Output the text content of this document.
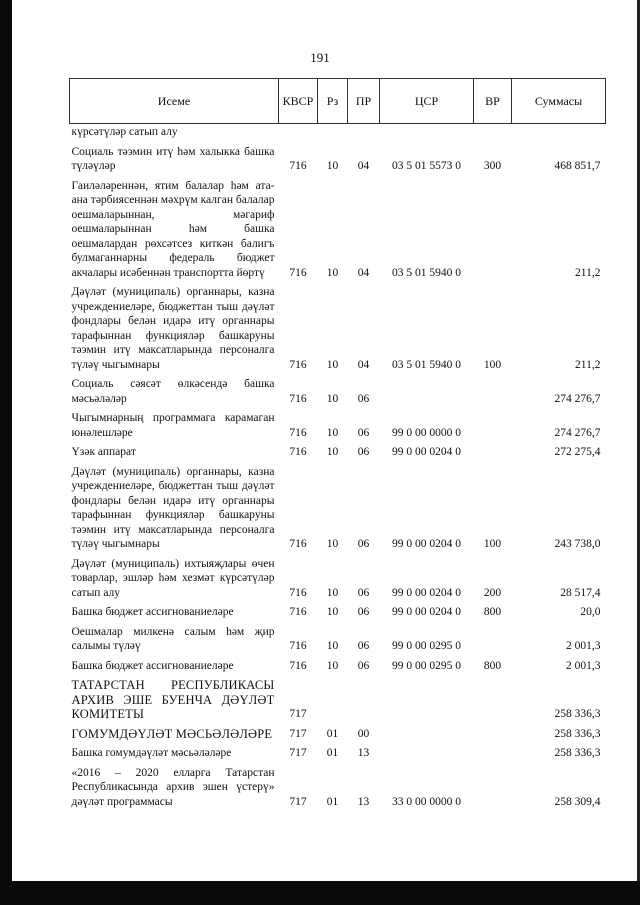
191
Исеме	КВСР	Рз	ПР	ЦСР	ВР	Суммасы
күрсәтүләр сатып алу						
Социаль тәэмин итү һәм халыкка башка түләүләр	716	10	04	03 5 01 5573 0	300	468 851,7
Гаиләләреннән, ятим балалар һәм ата-ана тәрбиясеннән мәхрүм калган балалар оешмаларыннан, мәгариф оешмаларыннан һәм башка оешмалардан рөхсәтсез киткән балигъ булмаганнарны федераль бюджет акчалары исәбеннән транспортта йөртү	716	10	04	03 5 01 5940 0		211,2
Дәүләт (муниципаль) органнары, казна учреждениеләре, бюджеттан тыш дәүләт фондлары белән идарә итү органнары тарафыннан функцияләр башкаруны тәэмин итү максатларында персоналга түләү чыгымнары	716	10	04	03 5 01 5940 0	100	211,2
Социаль сәясәт өлкәсендә башка мәсьәләләр	716	10	06			274 276,7
Чыгымнарның программага карамаган юнәлешләре	716	10	06	99 0 00 0000 0		274 276,7
Үзәк аппарат	716	10	06	99 0 00 0204 0		272 275,4
Дәүләт (муниципаль) органнары, казна учреждениеләре, бюджеттан тыш дәүләт фондлары белән идарә итү органнары тарафыннан функцияләр башкаруны тәэмин итү максатларында персоналга түләү чыгымнары	716	10	06	99 0 00 0204 0	100	243 738,0
Дәүләт (муниципаль) ихтыяҗлары өчен товарлар, эшләр һәм хезмәт күрсәтүләр сатып алу	716	10	06	99 0 00 0204 0	200	28 517,4
Башка бюджет ассигнованиеләре	716	10	06	99 0 00 0204 0	800	20,0
Оешмалар милкенә салым һәм җир салымы түләү	716	10	06	99 0 00 0295 0		2 001,3
Башка бюджет ассигнованиеләре	716	10	06	99 0 00 0295 0	800	2 001,3
ТАТАРСТАН РЕСПУБЛИКАСЫ АРХИВ ЭШЕ БУЕНЧА ДӘҮЛӘТ КОМИТЕТЫ	717					258 336,3
ГОМУМДӘҮЛӘТ МӘСЬӘЛӘЛӘРЕ	717	01	00			258 336,3
Башка гомумдәүләт мәсьәләләре	717	01	13			258 336,3
«2016 – 2020 елларга Татарстан Республикасында архив эшен үстерү» дәүләт программасы	717	01	13	33 0 00 0000 0		258 309,4
